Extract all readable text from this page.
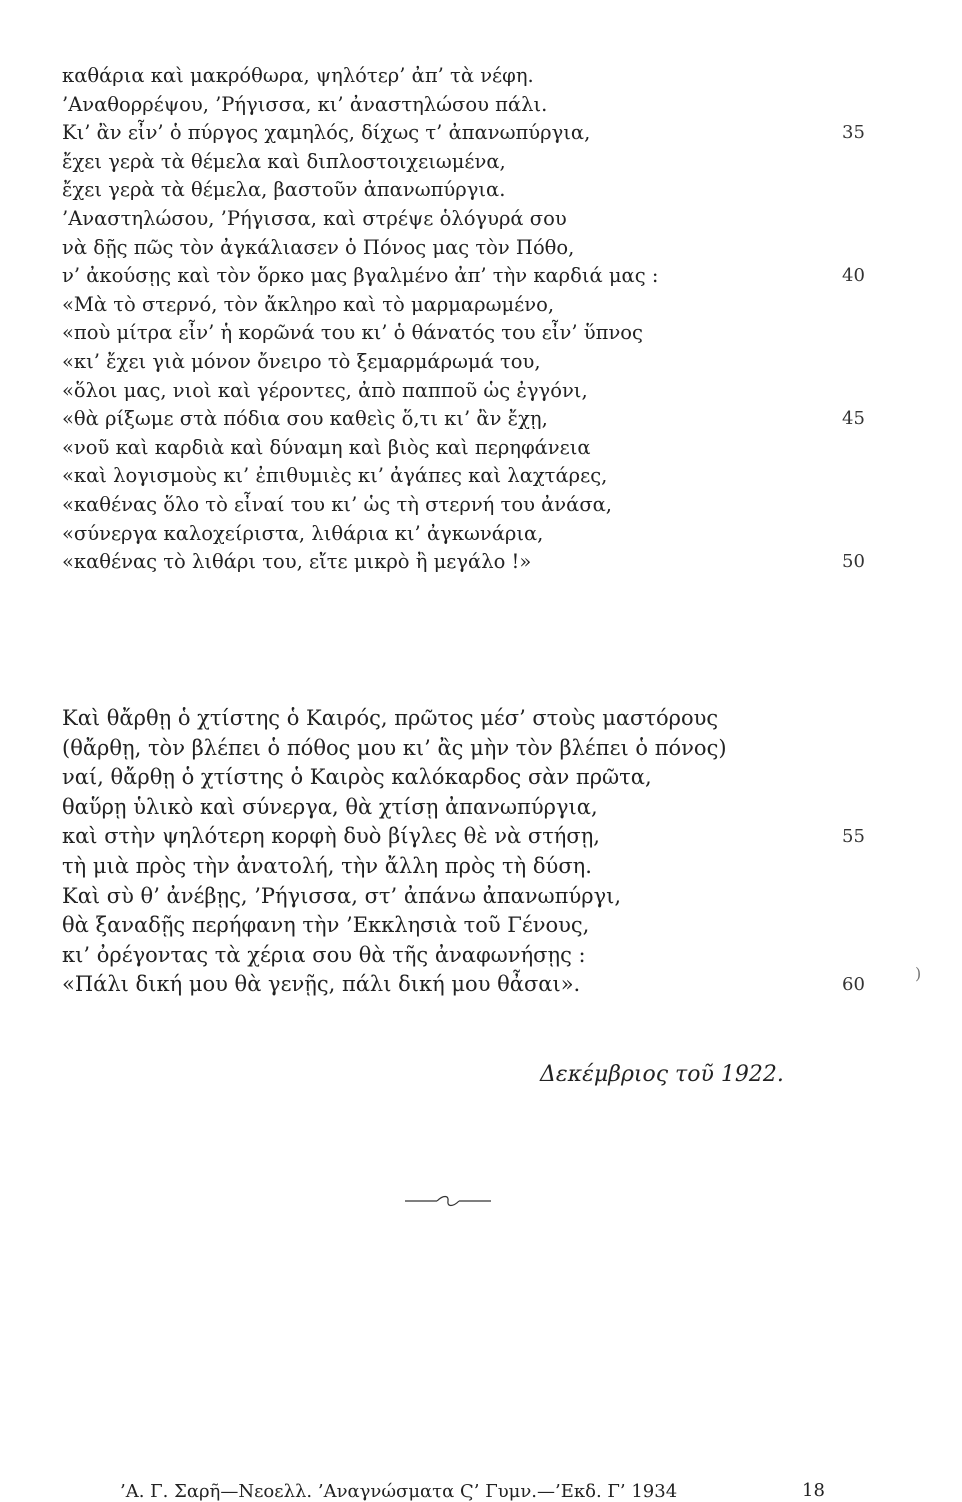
καθάρια καὶ μακρόθωρα, ψηλότερ’ ἀπ’ τὰ νέφη.
’Αναθορρέψου, ’Ρήγισσα, κι’ ἀναστηλώσου πάλι.
Κι’ ἂν εἶν’ ὁ πύργος χαμηλός, δίχως τ’ ἀπανωπύργια,	35
ἔχει γερὰ τὰ θέμελα καὶ διπλοστοιχειωμένα,
ἔχει γερὰ τὰ θέμελα, βαστοῦν ἀπανωπύργια.
’Αναστηλώσου, ’Ρήγισσα, καὶ στρέψε ὁλόγυρά σου
νὰ δῇς πῶς τὸν ἀγκάλιασεν ὁ Πόνος μας τὸν Πόθο,
ν’ ἀκούσῃς καὶ τὸν ὅρκο μας βγαλμένο ἀπ’ τὴν καρδιά μας :	40
«Μὰ τὸ στερνό, τὸν ἄκληρο καὶ τὸ μαρμαρωμένο,
«ποὺ μίτρα εἶν’ ἡ κορῶνά του κι’ ὁ θάνατός του εἶν’ ὕπνος
«κι’ ἔχει γιὰ μόνον ὄνειρο τὸ ξεμαρμάρωμά του,
«ὅλοι μας, νιοὶ καὶ γέροντες, ἀπὸ παπποῦ ὡς ἐγγόνι,
«θὰ ρίξωμε στὰ πόδια σου καθεὶς ὅ,τι κι’ ἂν ἔχῃ,	45
«νοῦ καὶ καρδιὰ καὶ δύναμη καὶ βιὸς καὶ περηφάνεια
«καὶ λογισμοὺς κι’ ἐπιθυμιὲς κι’ ἀγάπες καὶ λαχτάρες,
«καθένας ὅλο τὸ εἶναί του κι’ ὡς τὴ στερνή του ἀνάσα,
«σύνεργα καλοχείριστα, λιθάρια κι’ ἀγκωνάρια,
«καθένας τὸ λιθάρι του, εἴτε μικρὸ ἢ μεγάλο !»	50
Καὶ θἄρθῃ ὁ χτίστης ὁ Καιρός, πρῶτος μέσ’ στοὺς μαστόρους
(θἄρθῃ, τὸν βλέπει ὁ πόθος μου κι’ ἂς μὴν τὸν βλέπει ὁ πόνος)
ναί, θἄρθῃ ὁ χτίστης ὁ Καιρὸς καλόκαρδος σὰν πρῶτα,
θαὕρῃ ὑλικὸ καὶ σύνεργα, θὰ χτίσῃ ἀπανωπύργια,
καὶ στὴν ψηλότερη κορφὴ δυὸ βίγλες θὲ νὰ στήσῃ,	55
τὴ μιὰ πρὸς τὴν ἀνατολή, τὴν ἄλλη πρὸς τὴ δύση.
Καὶ σὺ θ’ ἀνέβῃς, ’Ρήγισσα, στ’ ἀπάνω ἀπανωπύργι,
θὰ ξαναδῇς περήφανη τὴν ’Εκκλησιὰ τοῦ Γένους,
κι’ ὀρέγοντας τὰ χέρια σου θὰ τῆς ἀναφωνήσῃς :
«Πάλι δική μου θὰ γενῇς, πάλι δική μου θἆσαι».	60
Δεκέμβριος τοῦ 1922.
)
’Α. Γ. Σαρῆ—Νεοελλ. ’Αναγνώσματα Ϛ’ Γυμν.—’Εκδ. Γ’ 1934	18
